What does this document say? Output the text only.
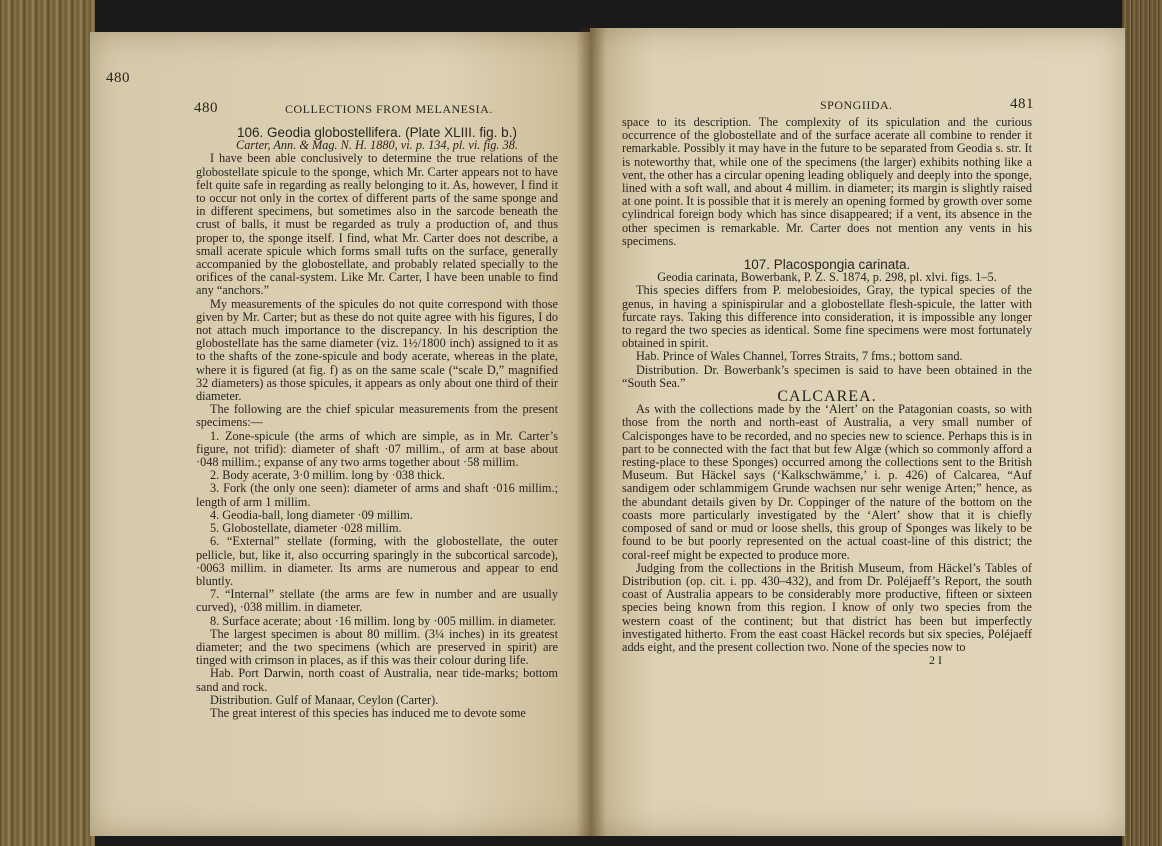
480
480	COLLECTIONS FROM MELANESIA.

106. Geodia globostellifera. (Plate XLIII. fig. b.)

Carter, Ann. & Mag. N. H. 1880, vi. p. 134, pl. vi. fig. 38.

I have been able conclusively to determine the true relations of the globostellate spicule to the sponge, which Mr. Carter appears not to have felt quite safe in regarding as really belonging to it. As, however, I find it to occur not only in the cortex of different parts of the same sponge and in different specimens, but sometimes also in the sarcode beneath the crust of balls, it must be regarded as truly a production of, and thus proper to, the sponge itself. I find, what Mr. Carter does not describe, a small acerate spicule which forms small tufts on the surface, generally accompanied by the globostellate, and probably related specially to the orifices of the canal-system. Like Mr. Carter, I have been unable to find any “anchors.”

My measurements of the spicules do not quite correspond with those given by Mr. Carter; but as these do not quite agree with his figures, I do not attach much importance to the discrepancy. In his description the globostellate has the same diameter (viz. 1½/1800 inch) assigned to it as to the shafts of the zone-spicule and body acerate, whereas in the plate, where it is figured (at fig. f) as on the same scale (“scale D,” magnified 32 diameters) as those spicules, it appears as only about one third of their diameter.

The following are the chief spicular measurements from the present specimens:—

1. Zone-spicule (the arms of which are simple, as in Mr. Carter’s figure, not trifid): diameter of shaft ·07 millim., of arm at base about ·048 millim.; expanse of any two arms together about ·58 millim.

2. Body acerate, 3·0 millim. long by ·038 thick.

3. Fork (the only one seen): diameter of arms and shaft ·016 millim.; length of arm 1 millim.

4. Geodia-ball, long diameter ·09 millim.

5. Globostellate, diameter ·028 millim.

6. “External” stellate (forming, with the globostellate, the outer pellicle, but, like it, also occurring sparingly in the subcortical sarcode), ·0063 millim. in diameter. Its arms are numerous and appear to end bluntly.

7. “Internal” stellate (the arms are few in number and are usually curved), ·038 millim. in diameter.

8. Surface acerate; about ·16 millim. long by ·005 millim. in diameter.

The largest specimen is about 80 millim. (3¼ inches) in its greatest diameter; and the two specimens (which are preserved in spirit) are tinged with crimson in places, as if this was their colour during life.

Hab. Port Darwin, north coast of Australia, near tide-marks; bottom sand and rock.

Distribution. Gulf of Manaar, Ceylon (Carter).

The great interest of this species has induced me to devote some

SPONGIIDA.	481

space to its description. The complexity of its spiculation and the curious occurrence of the globostellate and of the surface acerate all combine to render it remarkable. Possibly it may have in the future to be separated from Geodia s. str. It is noteworthy that, while one of the specimens (the larger) exhibits nothing like a vent, the other has a circular opening leading obliquely and deeply into the sponge, lined with a soft wall, and about 4 millim. in diameter; its margin is slightly raised at one point. It is possible that it is merely an opening formed by growth over some cylindrical foreign body which has since disappeared; if a vent, its absence in the other specimen is remarkable. Mr. Carter does not mention any vents in his specimens.

107. Placospongia carinata.

Geodia carinata, Bowerbank, P. Z. S. 1874, p. 298, pl. xlvi. figs. 1–5.

This species differs from P. melobesioides, Gray, the typical species of the genus, in having a spinispirular and a globostellate flesh-spicule, the latter with furcate rays. Taking this difference into consideration, it is impossible any longer to regard the two species as identical. Some fine specimens were most fortunately obtained in spirit.

Hab. Prince of Wales Channel, Torres Straits, 7 fms.; bottom sand.

Distribution. Dr. Bowerbank’s specimen is said to have been obtained in the “South Sea.”

CALCAREA.

As with the collections made by the ‘Alert’ on the Patagonian coasts, so with those from the north and north-east of Australia, a very small number of Calcisponges have to be recorded, and no species new to science. Perhaps this is in part to be connected with the fact that but few Algæ (which so commonly afford a resting-place to these Sponges) occurred among the collections sent to the British Museum. But Häckel says (‘Kalkschwämme,’ i. p. 426) of Calcarea, “Auf sandigem oder schlammigem Grunde wachsen nur sehr wenige Arten;” hence, as the abundant details given by Dr. Coppinger of the nature of the bottom on the coasts more particularly investigated by the ‘Alert’ show that it is chiefly composed of sand or mud or loose shells, this group of Sponges was likely to be found to be but poorly represented on the actual coast-line of this district; the coral-reef might be expected to produce more.

Judging from the collections in the British Museum, from Häckel’s Tables of Distribution (op. cit. i. pp. 430–432), and from Dr. Poléjaeff’s Report, the south coast of Australia appears to be considerably more productive, fifteen or sixteen species being known from this region. I know of only two species from the western coast of the continent; but that district has been but imperfectly investigated hitherto. From the east coast Häckel records but six species, Poléjaeff adds eight, and the present collection two. None of the species now to

2 I
